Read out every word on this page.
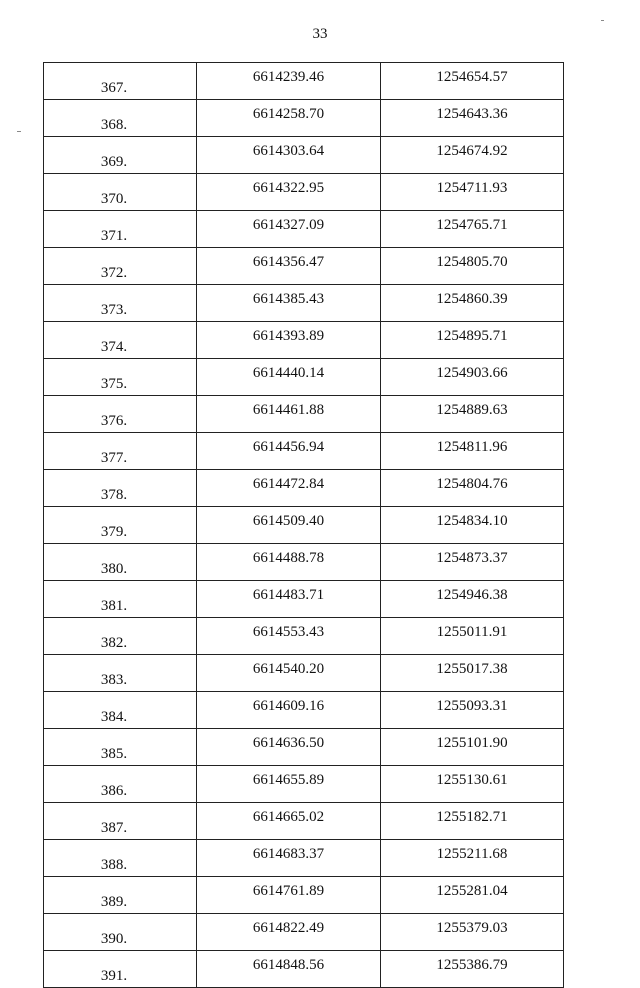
33
367.	6614239.46	1254654.57
368.	6614258.70	1254643.36
369.	6614303.64	1254674.92
370.	6614322.95	1254711.93
371.	6614327.09	1254765.71
372.	6614356.47	1254805.70
373.	6614385.43	1254860.39
374.	6614393.89	1254895.71
375.	6614440.14	1254903.66
376.	6614461.88	1254889.63
377.	6614456.94	1254811.96
378.	6614472.84	1254804.76
379.	6614509.40	1254834.10
380.	6614488.78	1254873.37
381.	6614483.71	1254946.38
382.	6614553.43	1255011.91
383.	6614540.20	1255017.38
384.	6614609.16	1255093.31
385.	6614636.50	1255101.90
386.	6614655.89	1255130.61
387.	6614665.02	1255182.71
388.	6614683.37	1255211.68
389.	6614761.89	1255281.04
390.	6614822.49	1255379.03
391.	6614848.56	1255386.79
